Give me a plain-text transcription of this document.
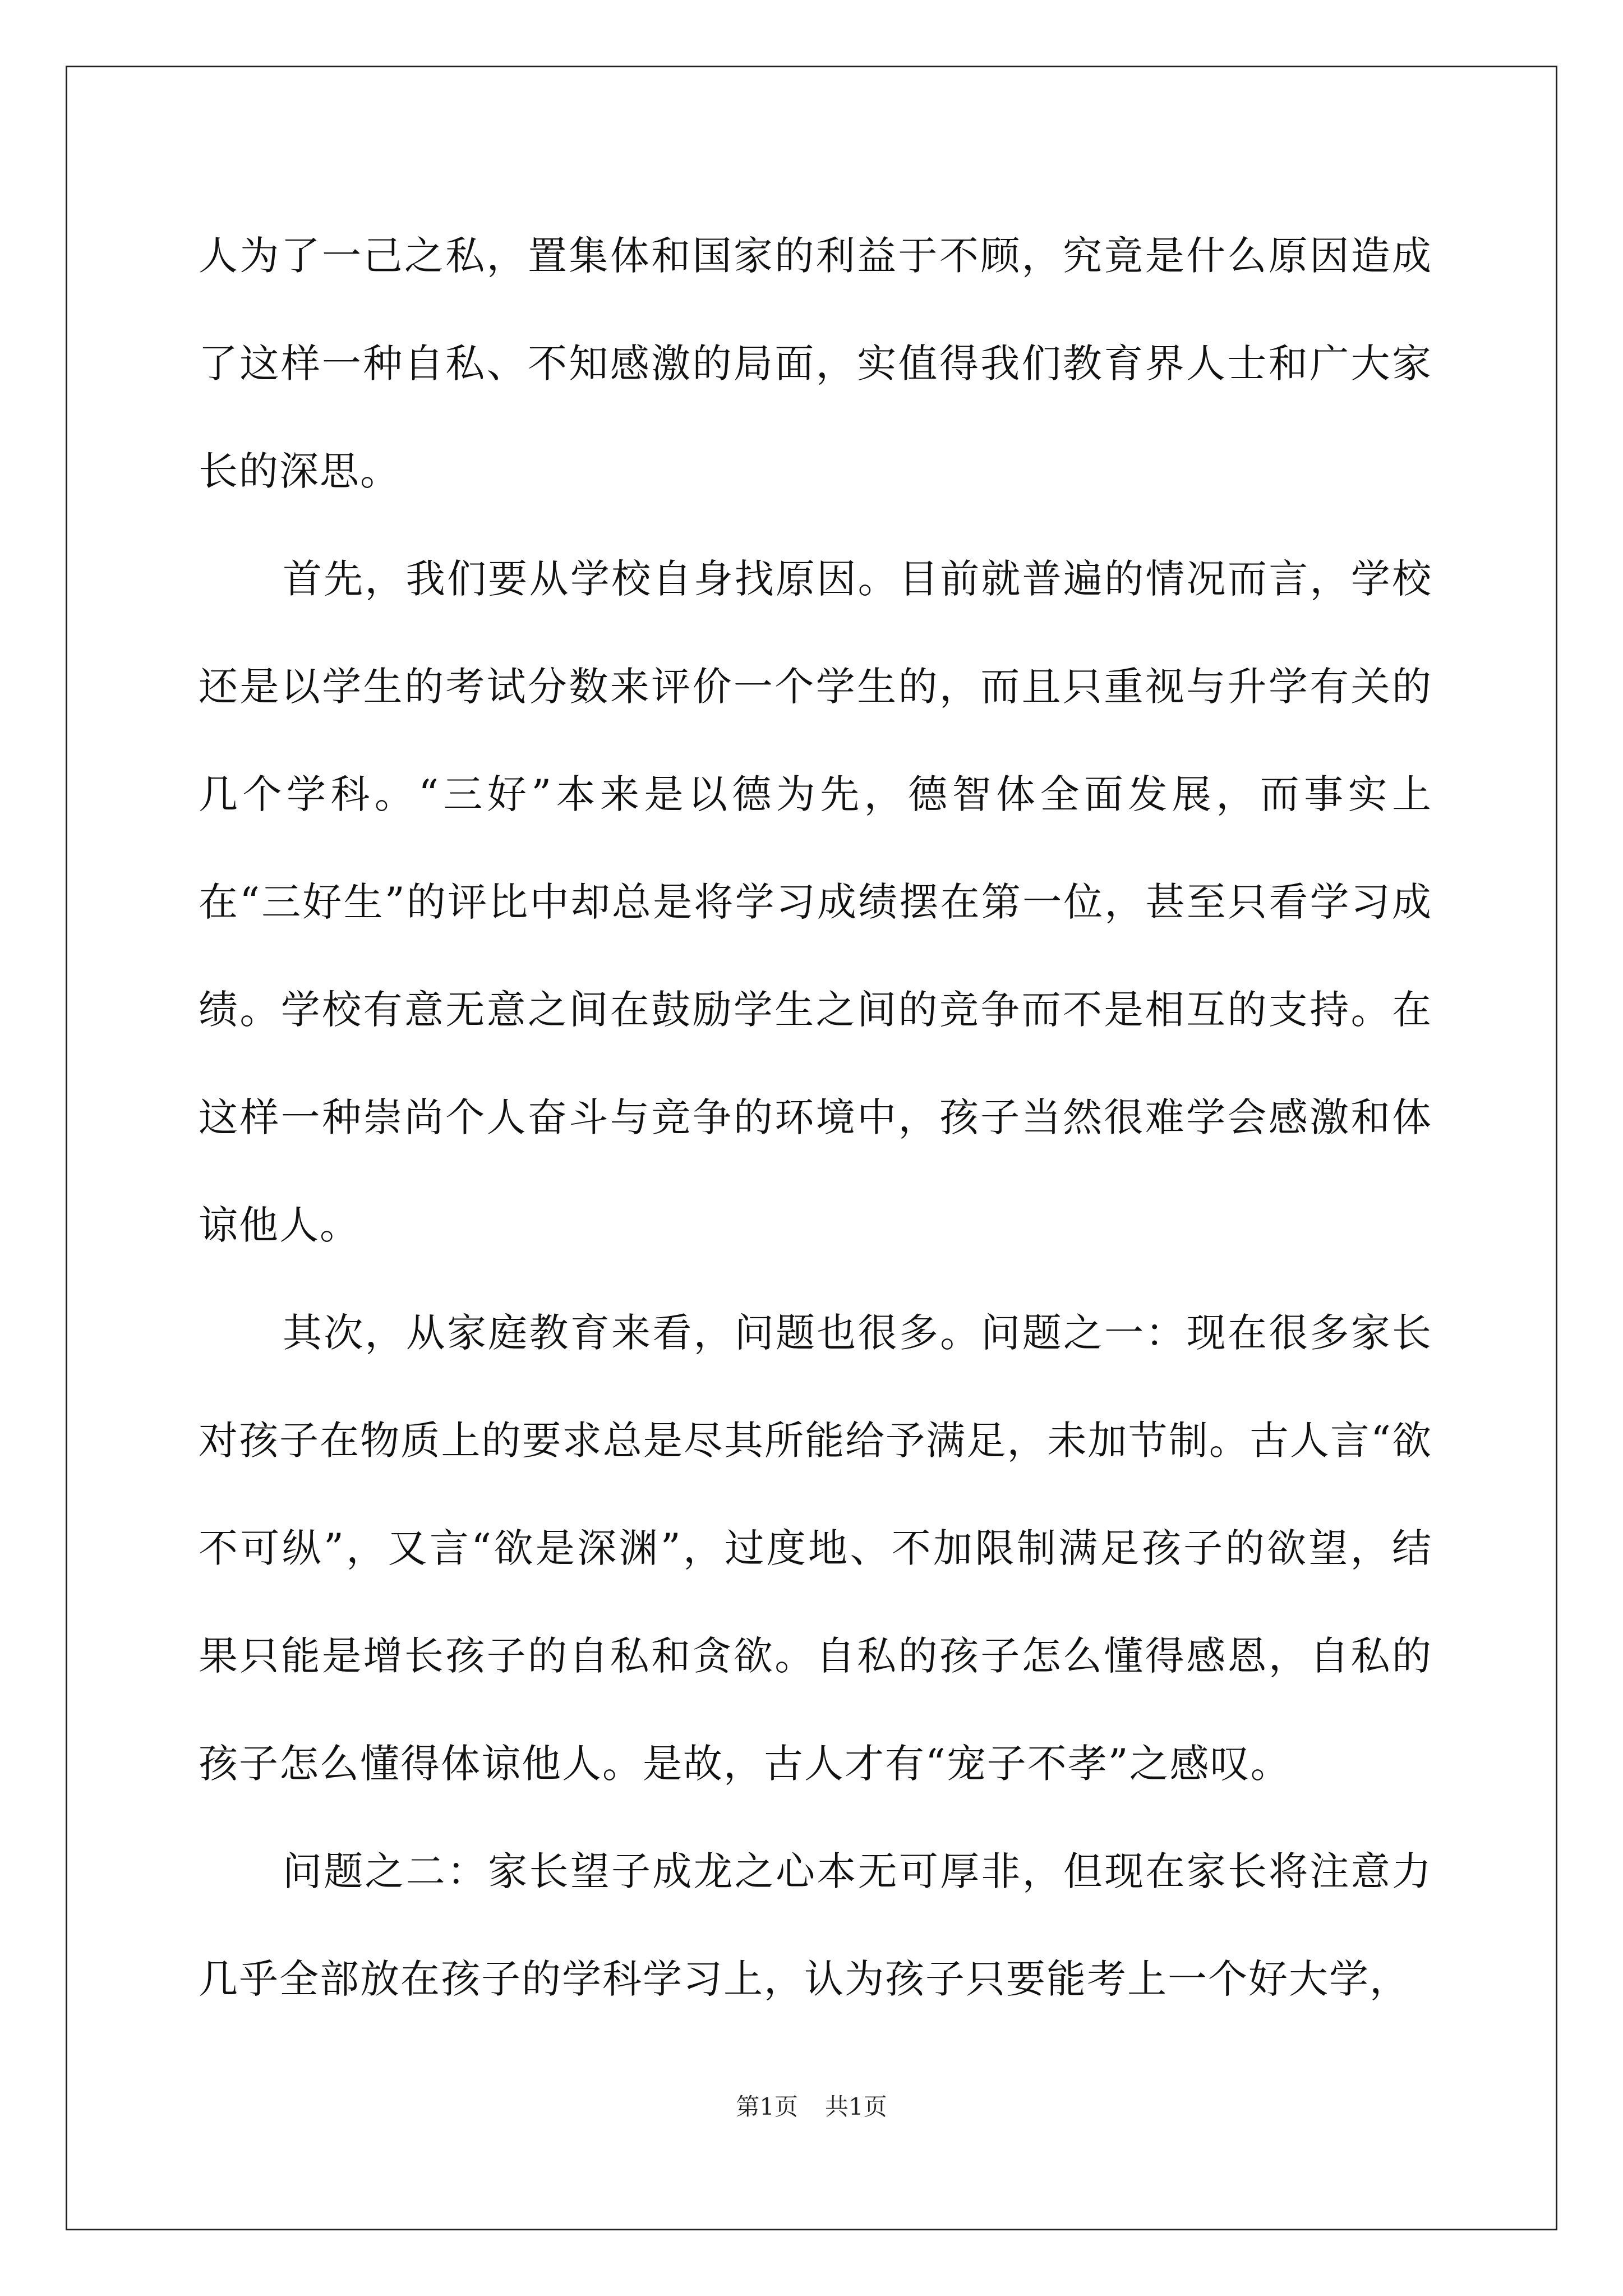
人为了一己之私，置集体和国家的利益于不顾，究竟是什么原因造成了这样一种自私、不知感激的局面，实值得我们教育界人士和广大家长的深思。

首先，我们要从学校自身找原因。目前就普遍的情况而言，学校还是以学生的考试分数来评价一个学生的，而且只重视与升学有关的几个学科。“三好”本来是以德为先，德智体全面发展，而事实上在“三好生”的评比中却总是将学习成绩摆在第一位，甚至只看学习成绩。学校有意无意之间在鼓励学生之间的竞争而不是相互的支持。在这样一种崇尚个人奋斗与竞争的环境中，孩子当然很难学会感激和体谅他人。

其次，从家庭教育来看，问题也很多。问题之一：现在很多家长对孩子在物质上的要求总是尽其所能给予满足，未加节制。古人言“欲不可纵”，又言“欲是深渊”，过度地、不加限制满足孩子的欲望，结果只能是增长孩子的自私和贪欲。自私的孩子怎么懂得感恩，自私的孩子怎么懂得体谅他人。是故，古人才有“宠子不孝”之感叹。

问题之二：家长望子成龙之心本无可厚非，但现在家长将注意力几乎全部放在孩子的学科学习上，认为孩子只要能考上一个好大学，

第1页 共1页
